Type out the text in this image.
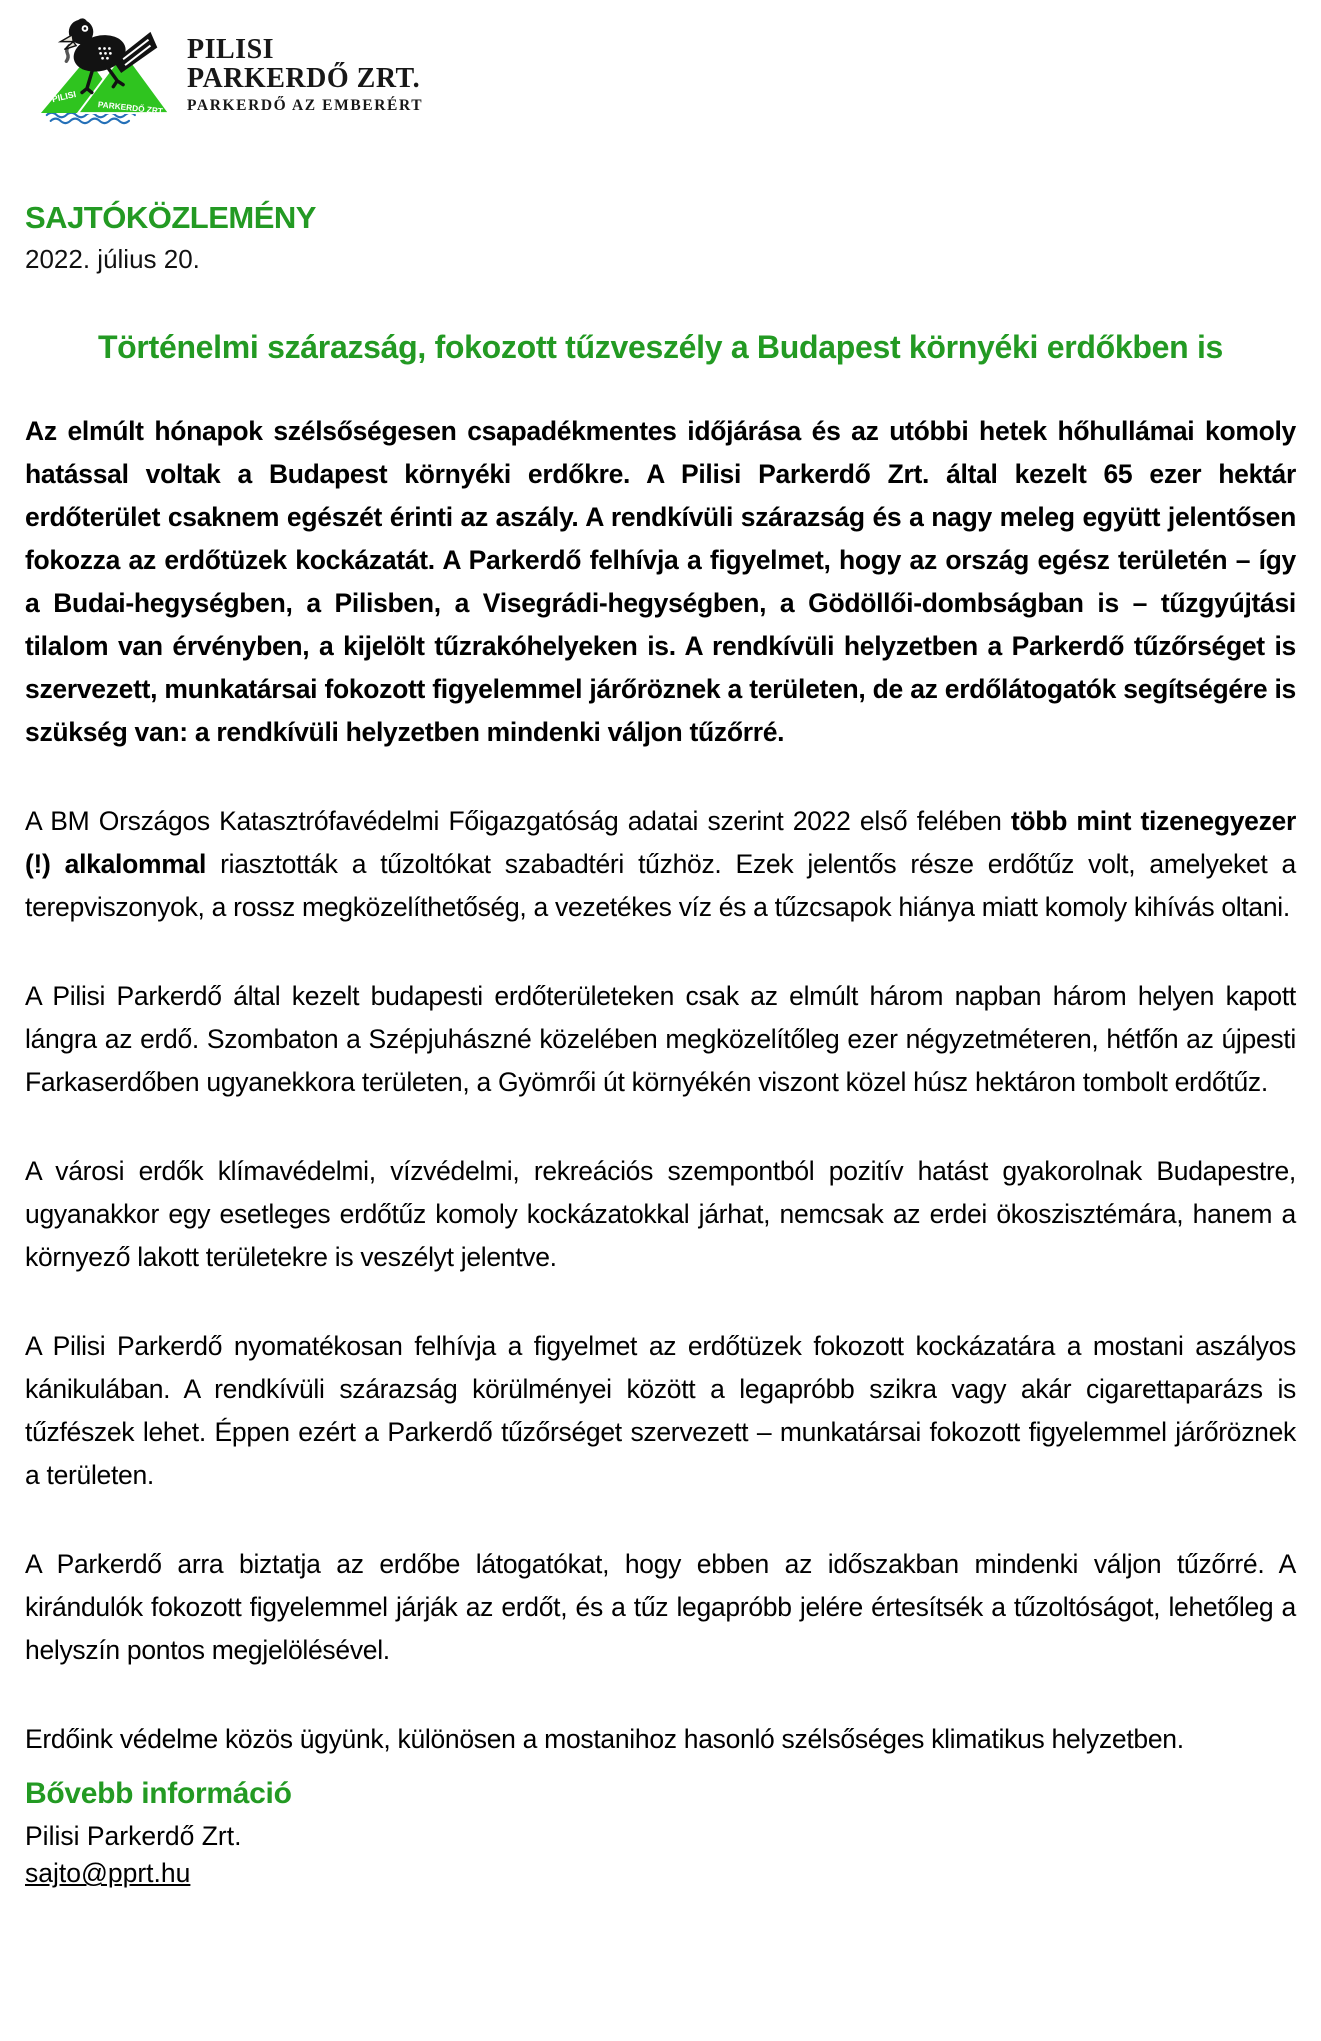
PILISI
PARKERDŐ ZRT.
PILISI
PARKERDŐ ZRT.
PARKERDŐ AZ EMBERÉRT
SAJTÓKÖZLEMÉNY
2022. július 20.
Történelmi szárazság, fokozott tűzveszély a Budapest környéki erdőkben is

Az elmúlt hónapok szélsőségesen csapadékmentes időjárása és az utóbbi hetek hőhullámai komoly hatással voltak a Budapest környéki erdőkre. A Pilisi Parkerdő Zrt. által kezelt 65 ezer hektár erdőterület csaknem egészét érinti az aszály. A rendkívüli szárazság és a nagy meleg együtt jelentősen fokozza az erdőtüzek kockázatát. A Parkerdő felhívja a figyelmet, hogy az ország egész területén – így a Budai-hegységben, a Pilisben, a Visegrádi-hegységben, a Gödöllői-dombságban is – tűzgyújtási tilalom van érvényben, a kijelölt tűzrakóhelyeken is. A rendkívüli helyzetben a Parkerdő tűzőrséget is szervezett, munkatársai fokozott figyelemmel járőröznek a területen, de az erdőlátogatók segítségére is szükség van: a rendkívüli helyzetben mindenki váljon tűzőrré.

A BM Országos Katasztrófavédelmi Főigazgatóság adatai szerint 2022 első felében több mint tizenegyezer (!) alkalommal riasztották a tűzoltókat szabadtéri tűzhöz. Ezek jelentős része erdőtűz volt, amelyeket a terepviszonyok, a rossz megközelíthetőség, a vezetékes víz és a tűzcsapok hiánya miatt komoly kihívás oltani.

A Pilisi Parkerdő által kezelt budapesti erdőterületeken csak az elmúlt három napban három helyen kapott lángra az erdő. Szombaton a Szépjuhászné közelében megközelítőleg ezer négyzetméteren, hétfőn az újpesti Farkaserdőben ugyanekkora területen, a Gyömrői út környékén viszont közel húsz hektáron tombolt erdőtűz.

A városi erdők klímavédelmi, vízvédelmi, rekreációs szempontból pozitív hatást gyakorolnak Budapestre, ugyanakkor egy esetleges erdőtűz komoly kockázatokkal járhat, nemcsak az erdei ökoszisztémára, hanem a környező lakott területekre is veszélyt jelentve.

A Pilisi Parkerdő nyomatékosan felhívja a figyelmet az erdőtüzek fokozott kockázatára a mostani aszályos kánikulában. A rendkívüli szárazság körülményei között a legapróbb szikra vagy akár cigarettaparázs is tűzfészek lehet. Éppen ezért a Parkerdő tűzőrséget szervezett – munkatársai fokozott figyelemmel járőröznek a területen.

A Parkerdő arra biztatja az erdőbe látogatókat, hogy ebben az időszakban mindenki váljon tűzőrré. A kirándulók fokozott figyelemmel járják az erdőt, és a tűz legapróbb jelére értesítsék a tűzoltóságot, lehetőleg a helyszín pontos megjelölésével.

Erdőink védelme közös ügyünk, különösen a mostanihoz hasonló szélsőséges klimatikus helyzetben.

Bővebb információ
Pilisi Parkerdő Zrt.
sajto@pprt.hu
